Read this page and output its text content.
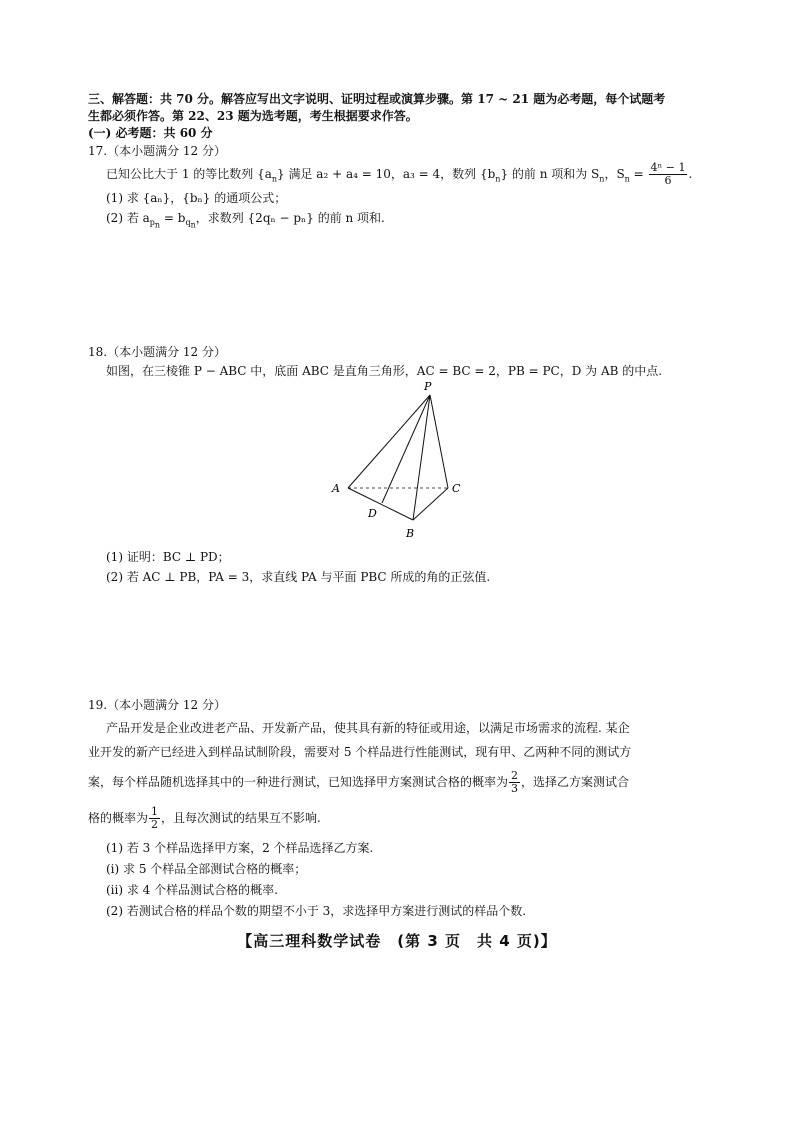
三、解答题：共 70 分。解答应写出文字说明、证明过程或演算步骤。第 17 ~ 21 题为必考题，每个试题考
生都必须作答。第 22、23 题为选考题，考生根据要求作答。
(一) 必考题：共 60 分
17.（本小题满分 12 分）
已知公比大于 1 的等比数列 $\{a_n\}$ 满足 a₂ + a₄ = 10，a₃ = 4，数列 $\{b_n\}$ 的前 n 项和为 $S_n$，$S_n = \frac{\text{4ⁿ − 1}}{6}$ .
(1) 求 {aₙ}，{bₙ} 的通项公式；
(2) 若 $a_{p_n} = b_{q_n}$，求数列 {2qₙ − pₙ} 的前 n 项和.
18.（本小题满分 12 分）
如图，在三棱锥 P − ABC 中，底面 ABC 是直角三角形，AC = BC = 2，PB = PC，D 为 AB 的中点.
P
A	C
D
B
(1) 证明：BC ⊥ PD；
(2) 若 AC ⊥ PB，PA = 3，求直线 PA 与平面 PBC 所成的角的正弦值.
19.（本小题满分 12 分）
产品开发是企业改进老产品、开发新产品，使其具有新的特征或用途，以满足市场需求的流程. 某企
业开发的新产已经进入到样品试制阶段，需要对 5 个样品进行性能测试，现有甲、乙两种不同的测试方
案，每个样品随机选择其中的一种进行测试，已知选择甲方案测试合格的概率为 $\frac{2}{3}$ ，选择乙方案测试合
格的概率为 $\frac{1}{2}$ ，且每次测试的结果互不影响.
(1) 若 3 个样品选择甲方案，2 个样品选择乙方案.
(i) 求 5 个样品全部测试合格的概率；
(ii) 求 4 个样品测试合格的概率.
(2) 若测试合格的样品个数的期望不小于 3，求选择甲方案进行测试的样品个数.
【高三理科数学试卷　(第 3 页　共 4 页)】
